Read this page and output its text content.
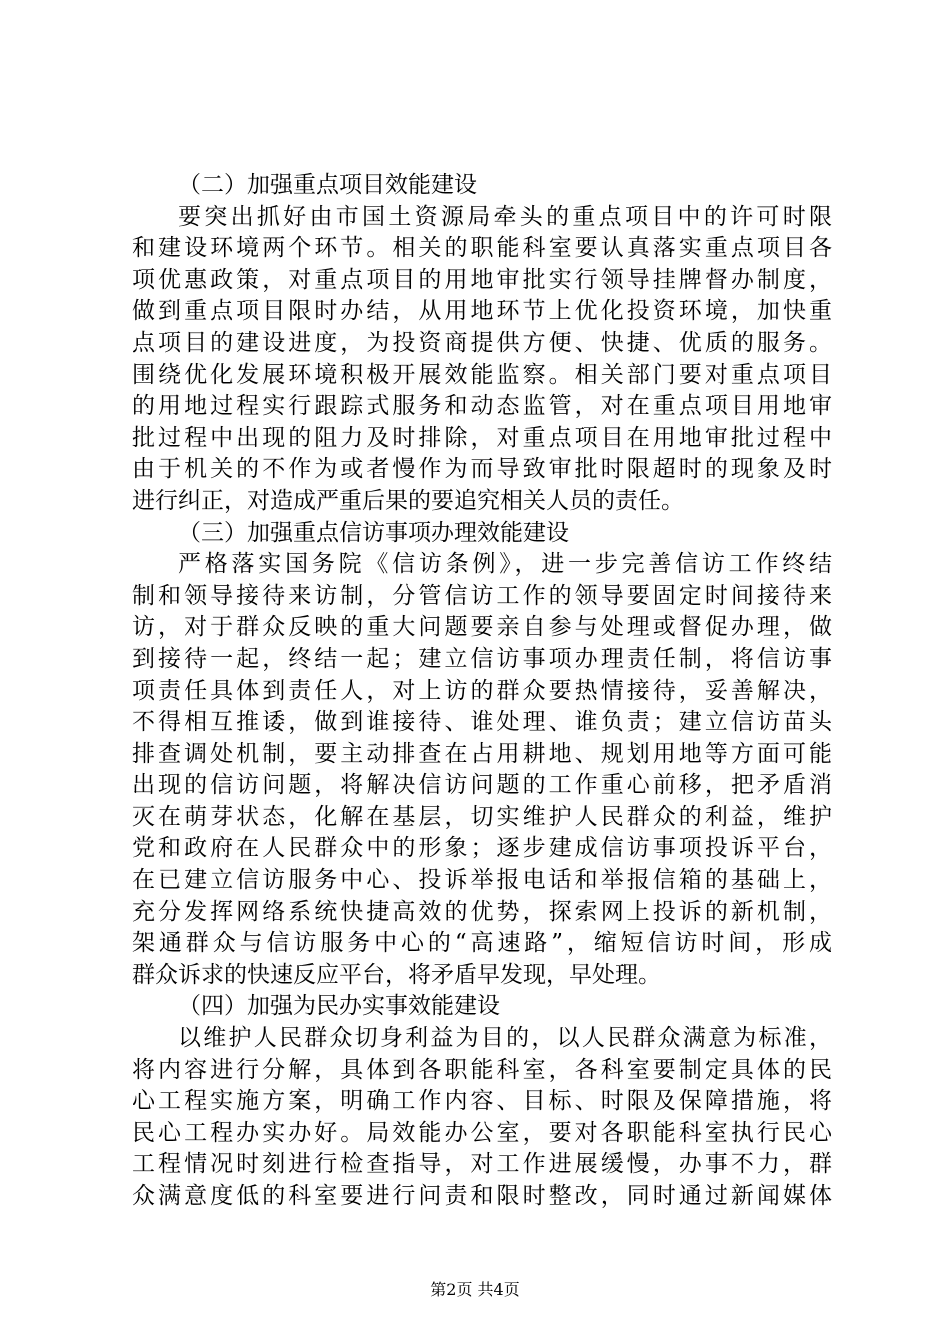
（二）加强重点项目效能建设
要突出抓好由市国土资源局牵头的重点项目中的许可时限
和建设环境两个环节。相关的职能科室要认真落实重点项目各
项优惠政策，对重点项目的用地审批实行领导挂牌督办制度，
做到重点项目限时办结，从用地环节上优化投资环境，加快重
点项目的建设进度，为投资商提供方便、快捷、优质的服务。
围绕优化发展环境积极开展效能监察。相关部门要对重点项目
的用地过程实行跟踪式服务和动态监管，对在重点项目用地审
批过程中出现的阻力及时排除，对重点项目在用地审批过程中
由于机关的不作为或者慢作为而导致审批时限超时的现象及时
进行纠正，对造成严重后果的要追究相关人员的责任。
（三）加强重点信访事项办理效能建设
严格落实国务院《信访条例》，进一步完善信访工作终结
制和领导接待来访制，分管信访工作的领导要固定时间接待来
访，对于群众反映的重大问题要亲自参与处理或督促办理，做
到接待一起，终结一起；建立信访事项办理责任制，将信访事
项责任具体到责任人，对上访的群众要热情接待，妥善解决，
不得相互推诿，做到谁接待、谁处理、谁负责；建立信访苗头
排查调处机制，要主动排查在占用耕地、规划用地等方面可能
出现的信访问题，将解决信访问题的工作重心前移，把矛盾消
灭在萌芽状态，化解在基层，切实维护人民群众的利益，维护
党和政府在人民群众中的形象；逐步建成信访事项投诉平台，
在已建立信访服务中心、投诉举报电话和举报信箱的基础上，
充分发挥网络系统快捷高效的优势，探索网上投诉的新机制，
架通群众与信访服务中心的“高速路”，缩短信访时间，形成
群众诉求的快速反应平台，将矛盾早发现，早处理。
（四）加强为民办实事效能建设
以维护人民群众切身利益为目的，以人民群众满意为标准，
将内容进行分解，具体到各职能科室，各科室要制定具体的民
心工程实施方案，明确工作内容、目标、时限及保障措施，将
民心工程办实办好。局效能办公室，要对各职能科室执行民心
工程情况时刻进行检查指导，对工作进展缓慢，办事不力，群
众满意度低的科室要进行问责和限时整改，同时通过新闻媒体
第2页 共4页
